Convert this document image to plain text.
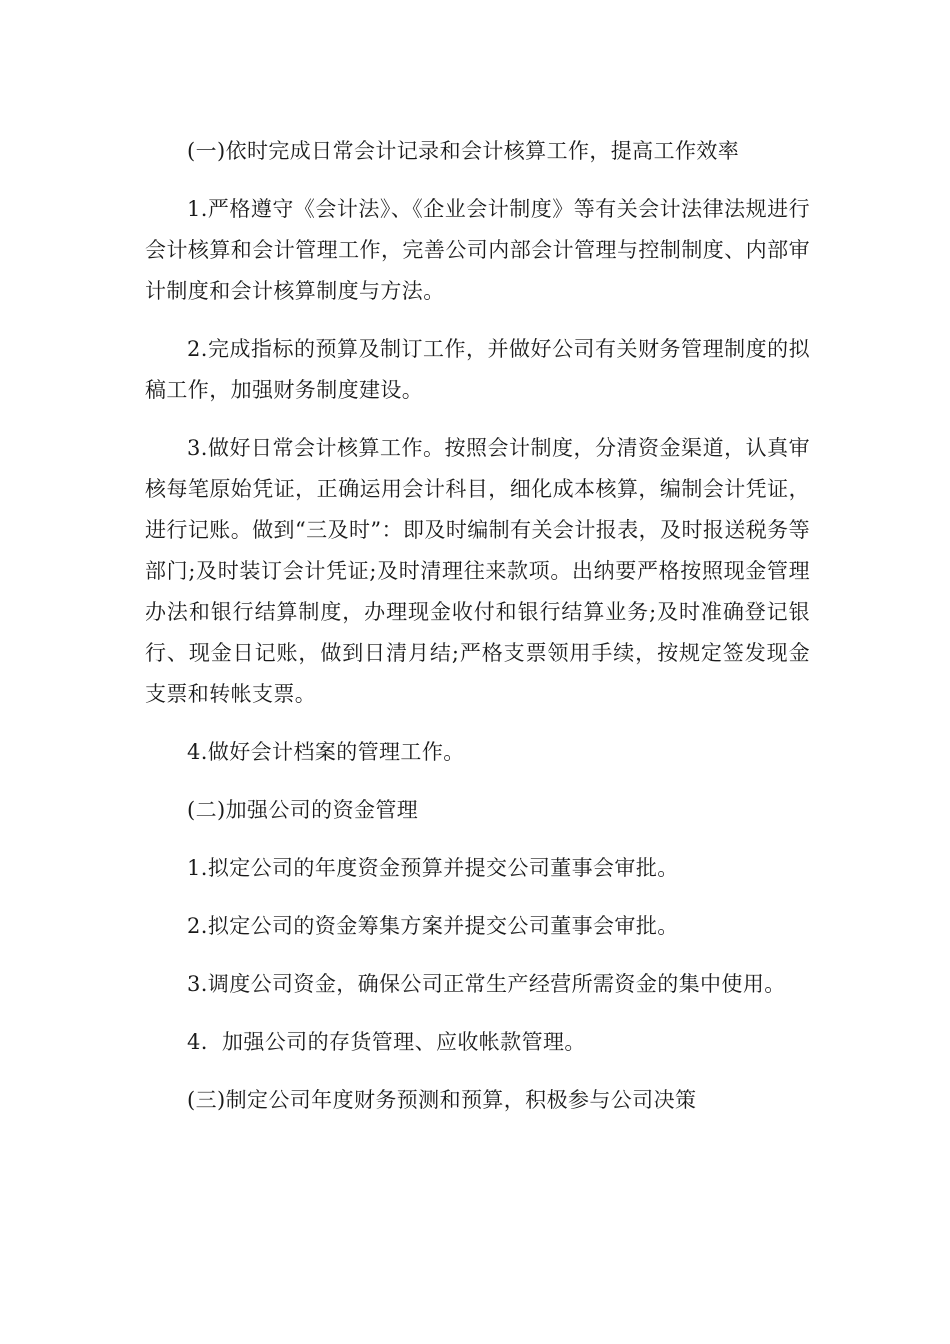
(一)依时完成日常会计记录和会计核算工作，提高工作效率

1.严格遵守《会计法》、《企业会计制度》等有关会计法律法规进行会计核算和会计管理工作，完善公司内部会计管理与控制制度、内部审计制度和会计核算制度与方法。

2.完成指标的预算及制订工作，并做好公司有关财务管理制度的拟稿工作，加强财务制度建设。

3.做好日常会计核算工作。按照会计制度，分清资金渠道，认真审核每笔原始凭证，正确运用会计科目，细化成本核算，编制会计凭证，进行记账。做到“三及时”：即及时编制有关会计报表，及时报送税务等部门;及时装订会计凭证;及时清理往来款项。出纳要严格按照现金管理办法和银行结算制度，办理现金收付和银行结算业务;及时准确登记银行、现金日记账，做到日清月结;严格支票领用手续，按规定签发现金支票和转帐支票。

4.做好会计档案的管理工作。

(二)加强公司的资金管理

1.拟定公司的年度资金预算并提交公司董事会审批。

2.拟定公司的资金筹集方案并提交公司董事会审批。

3.调度公司资金，确保公司正常生产经营所需资金的集中使用。

4.  加强公司的存货管理、应收帐款管理。

(三)制定公司年度财务预测和预算，积极参与公司决策
